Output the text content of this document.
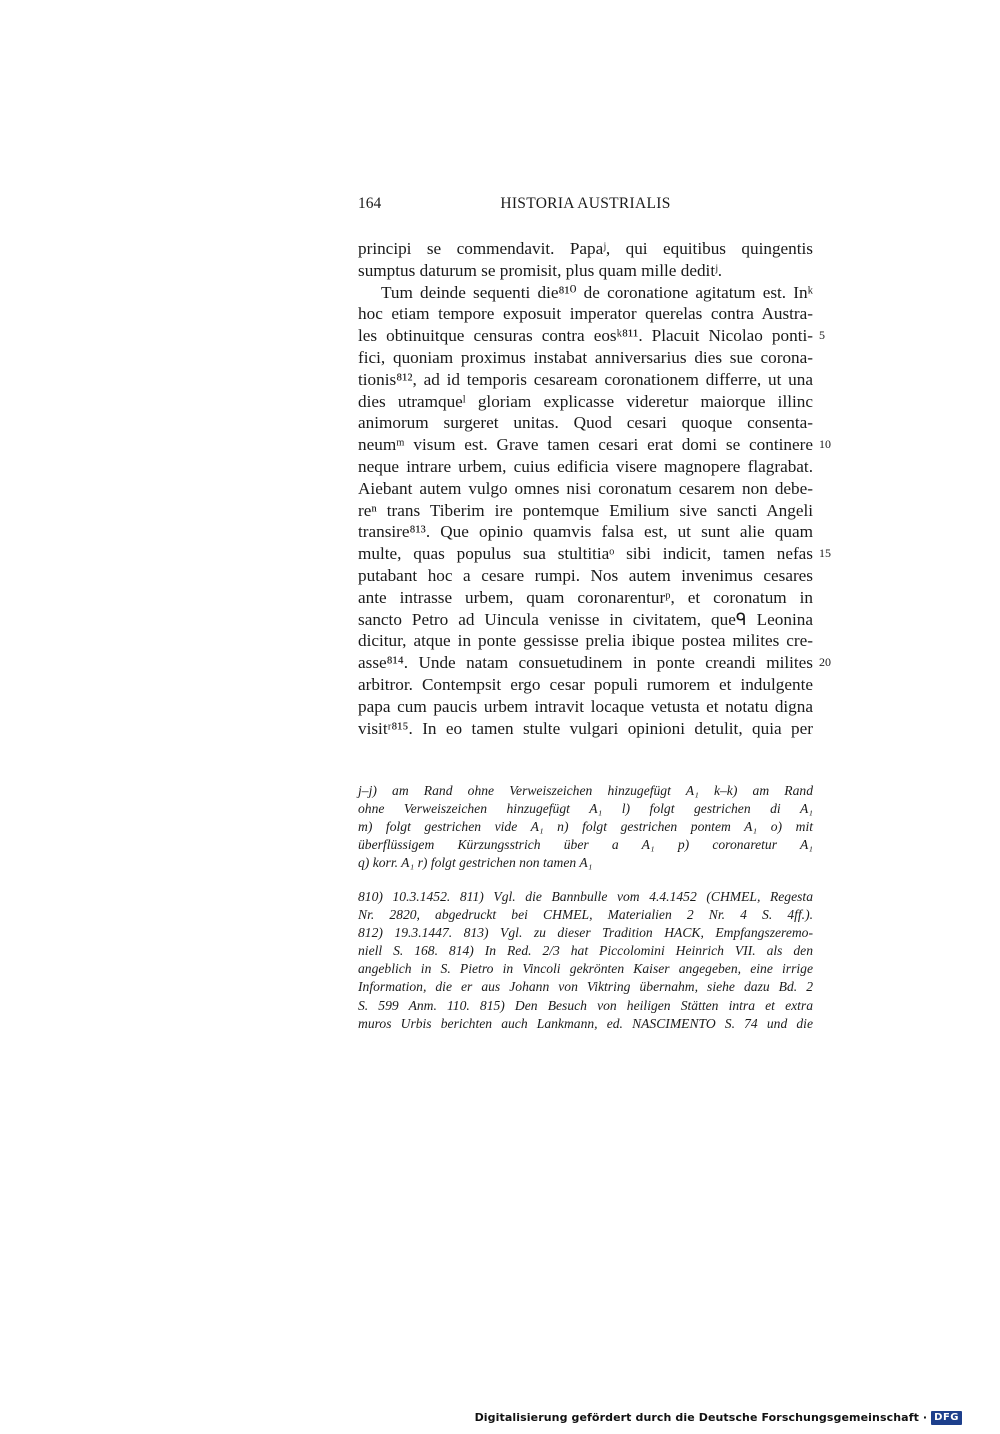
164	HISTORIA AUSTRIALIS
principi se commendavit. Papaʲ, qui equitibus quingentis
sumptus daturum se promisit, plus quam mille deditʲ.
Tum deinde sequenti die⁸¹⁰ de coronatione agitatum est. Inᵏ
hoc etiam tempore exposuit imperator querelas contra Austra-
les obtinuitque censuras contra eosᵏ⁸¹¹. Placuit Nicolao ponti- 5
fici, quoniam proximus instabat anniversarius dies sue corona-
tionis⁸¹², ad id temporis cesaream coronationem differre, ut una
dies utramqueˡ gloriam explicasse videretur maiorque illinc
animorum surgeret unitas. Quod cesari quoque consenta-
neumᵐ visum est. Grave tamen cesari erat domi se continere 10
neque intrare urbem, cuius edificia visere magnopere flagrabat.
Aiebant autem vulgo omnes nisi coronatum cesarem non debe-
reⁿ trans Tiberim ire pontemque Emilium sive sancti Angeli
transire⁸¹³. Que opinio quamvis falsa est, ut sunt alie quam
multe, quas populus sua stultitiaᵒ sibi indicit, tamen nefas 15
putabant hoc a cesare rumpi. Nos autem invenimus cesares
ante intrasse urbem, quam coronarenturᵖ, et coronatum in
sancto Petro ad Uincula venisse in civitatem, queᑫ Leonina
dicitur, atque in ponte gessisse prelia ibique postea milites cre-
asse⁸¹⁴. Unde natam consuetudinem in ponte creandi milites 20
arbitror. Contempsit ergo cesar populi rumorem et indulgente
papa cum paucis urbem intravit locaque vetusta et notatu digna
visitʳ⁸¹⁵. In eo tamen stulte vulgari opinioni detulit, quia per
j–j) am Rand ohne Verweiszeichen hinzugefügt A₁ k–k) am Rand
ohne Verweiszeichen hinzugefügt A₁ l) folgt gestrichen di A₁
m) folgt gestrichen vide A₁ n) folgt gestrichen pontem A₁ o) mit
überflüssigem Kürzungsstrich über a A₁ p) coronaretur A₁
q) korr. A₁ r) folgt gestrichen non tamen A₁
810) 10.3.1452. 811) Vgl. die Bannbulle vom 4.4.1452 (CHMEL, Regesta
Nr. 2820, abgedruckt bei CHMEL, Materialien 2 Nr. 4 S. 4ff.).
812) 19.3.1447. 813) Vgl. zu dieser Tradition HACK, Empfangszeremo-
niell S. 168. 814) In Red. 2/3 hat Piccolomini Heinrich VII. als den
angeblich in S. Pietro in Vincoli gekrönten Kaiser angegeben, eine irrige
Information, die er aus Johann von Viktring übernahm, siehe dazu Bd. 2
S. 599 Anm. 110. 815) Den Besuch von heiligen Stätten intra et extra
muros Urbis berichten auch Lankmann, ed. NASCIMENTO S. 74 und die
Digitalisierung gefördert durch die Deutsche Forschungsgemeinschaft · DFG
